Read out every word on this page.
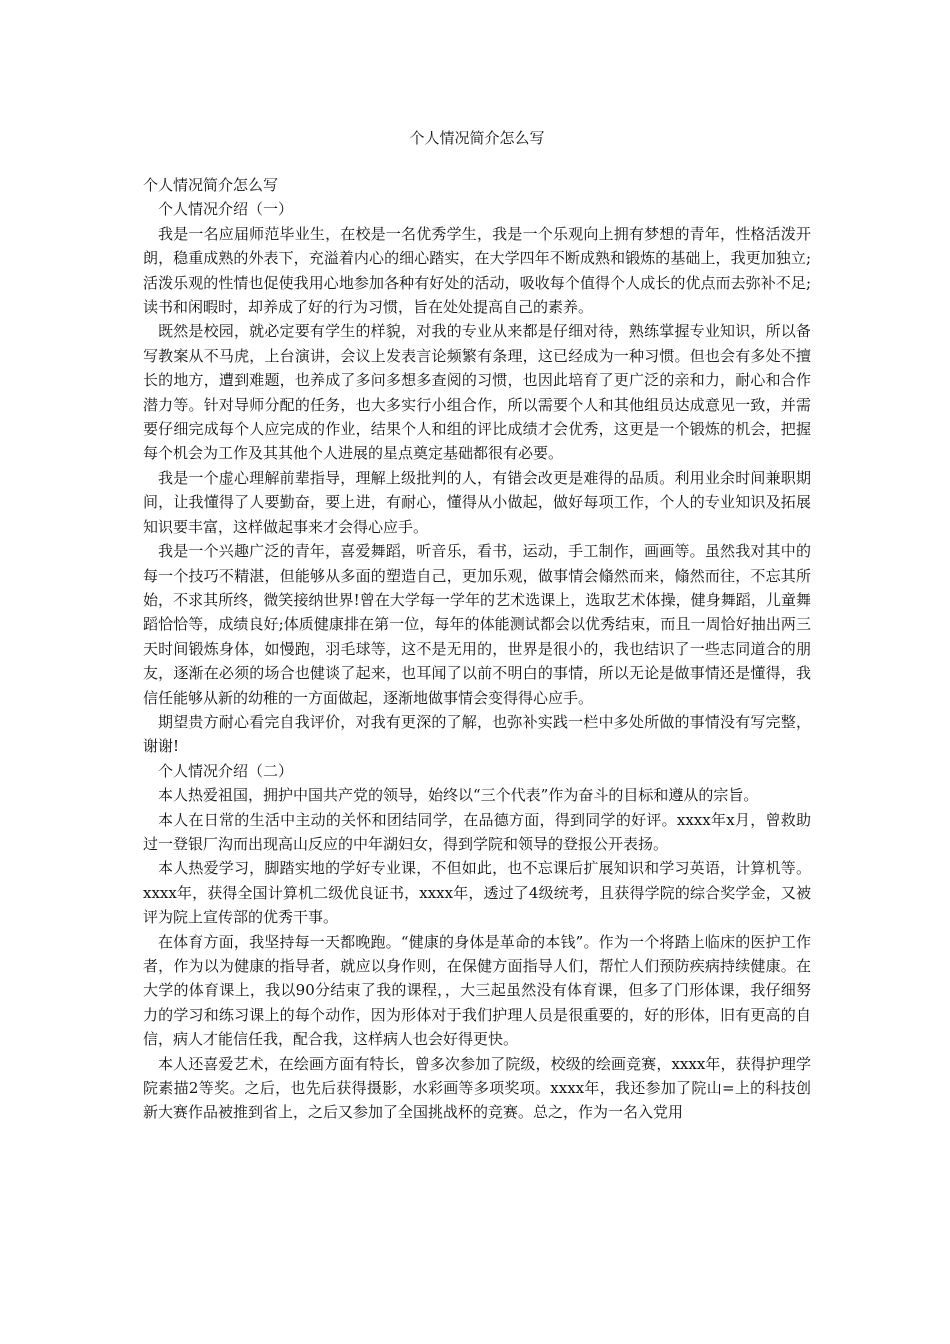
个人情况简介怎么写
个人情况简介怎么写
个人情况介绍（一）
我是一名应届师范毕业生，在校是一名优秀学生，我是一个乐观向上拥有梦想的青年，性格活泼开朗，稳重成熟的外表下，充溢着内心的细心踏实，在大学四年不断成熟和锻炼的基础上，我更加独立;活泼乐观的性情也促使我用心地参加各种有好处的活动，吸收每个值得个人成长的优点而去弥补不足;读书和闲暇时，却养成了好的行为习惯，旨在处处提高自己的素养。
既然是校园，就必定要有学生的样貌，对我的专业从来都是仔细对待，熟练掌握专业知识，所以备写教案从不马虎，上台演讲，会议上发表言论频繁有条理，这已经成为一种习惯。但也会有多处不擅长的地方，遭到难题，也养成了多问多想多查阅的习惯，也因此培育了更广泛的亲和力，耐心和合作潜力等。针对导师分配的任务，也大多实行小组合作，所以需要个人和其他组员达成意见一致，并需要仔细完成每个人应完成的作业，结果个人和组的评比成绩才会优秀，这更是一个锻炼的机会，把握每个机会为工作及其其他个人进展的星点奠定基础都很有必要。
我是一个虚心理解前辈指导，理解上级批判的人，有错会改更是难得的品质。利用业余时间兼职期间，让我懂得了人要勤奋，要上进，有耐心，懂得从小做起，做好每项工作，个人的专业知识及拓展知识要丰富，这样做起事来才会得心应手。
我是一个兴趣广泛的青年，喜爱舞蹈，听音乐，看书，运动，手工制作，画画等。虽然我对其中的每一个技巧不精湛，但能够从多面的塑造自己，更加乐观，做事情会翛然而来，翛然而往，不忘其所始，不求其所终，微笑接纳世界!曾在大学每一学年的艺术选课上，选取艺术体操，健身舞蹈，儿童舞蹈恰恰等，成绩良好;体质健康排在第一位，每年的体能测试都会以优秀结束，而且一周恰好抽出两三天时间锻炼身体，如慢跑，羽毛球等，这不是无用的，世界是很小的，我也结识了一些志同道合的朋友，逐渐在必须的场合也健谈了起来，也耳闻了以前不明白的事情，所以无论是做事情还是懂得，我信任能够从新的幼稚的一方面做起，逐渐地做事情会变得得心应手。
期望贵方耐心看完自我评价，对我有更深的了解，也弥补实践一栏中多处所做的事情没有写完整，谢谢!
个人情况介绍（二）
本人热爱祖国，拥护中国共产党的领导，始终以“三个代表”作为奋斗的目标和遵从的宗旨。
本人在日常的生活中主动的关怀和团结同学，在品德方面，得到同学的好评。xxxx年x月，曾救助过一登银厂沟而出现高山反应的中年湖妇女，得到学院和领导的登报公开表扬。
本人热爱学习，脚踏实地的学好专业课，不但如此，也不忘课后扩展知识和学习英语，计算机等。xxxx年，获得全国计算机二级优良证书，xxxx年，透过了4级统考，且获得学院的综合奖学金，又被评为院上宣传部的优秀干事。
在体育方面，我坚持每一天都晚跑。“健康的身体是革命的本钱”。作为一个将踏上临床的医护工作者，作为以为健康的指导者，就应以身作则，在保健方面指导人们，帮忙人们预防疾病持续健康。在大学的体育课上，我以90分结束了我的课程，，大三起虽然没有体育课，但多了门形体课，我仔细努力的学习和练习课上的每个动作，因为形体对于我们护理人员是很重要的，好的形体，旧有更高的自信，病人才能信任我，配合我，这样病人也会好得更快。
本人还喜爱艺术，在绘画方面有特长，曾多次参加了院级，校级的绘画竞赛，xxxx年，获得护理学院素描2等奖。之后，也先后获得摄影，水彩画等多项奖项。xxxx年，我还参加了院山=上的科技创新大赛作品被推到省上，之后又参加了全国挑战杯的竞赛。总之，作为一名入党用
